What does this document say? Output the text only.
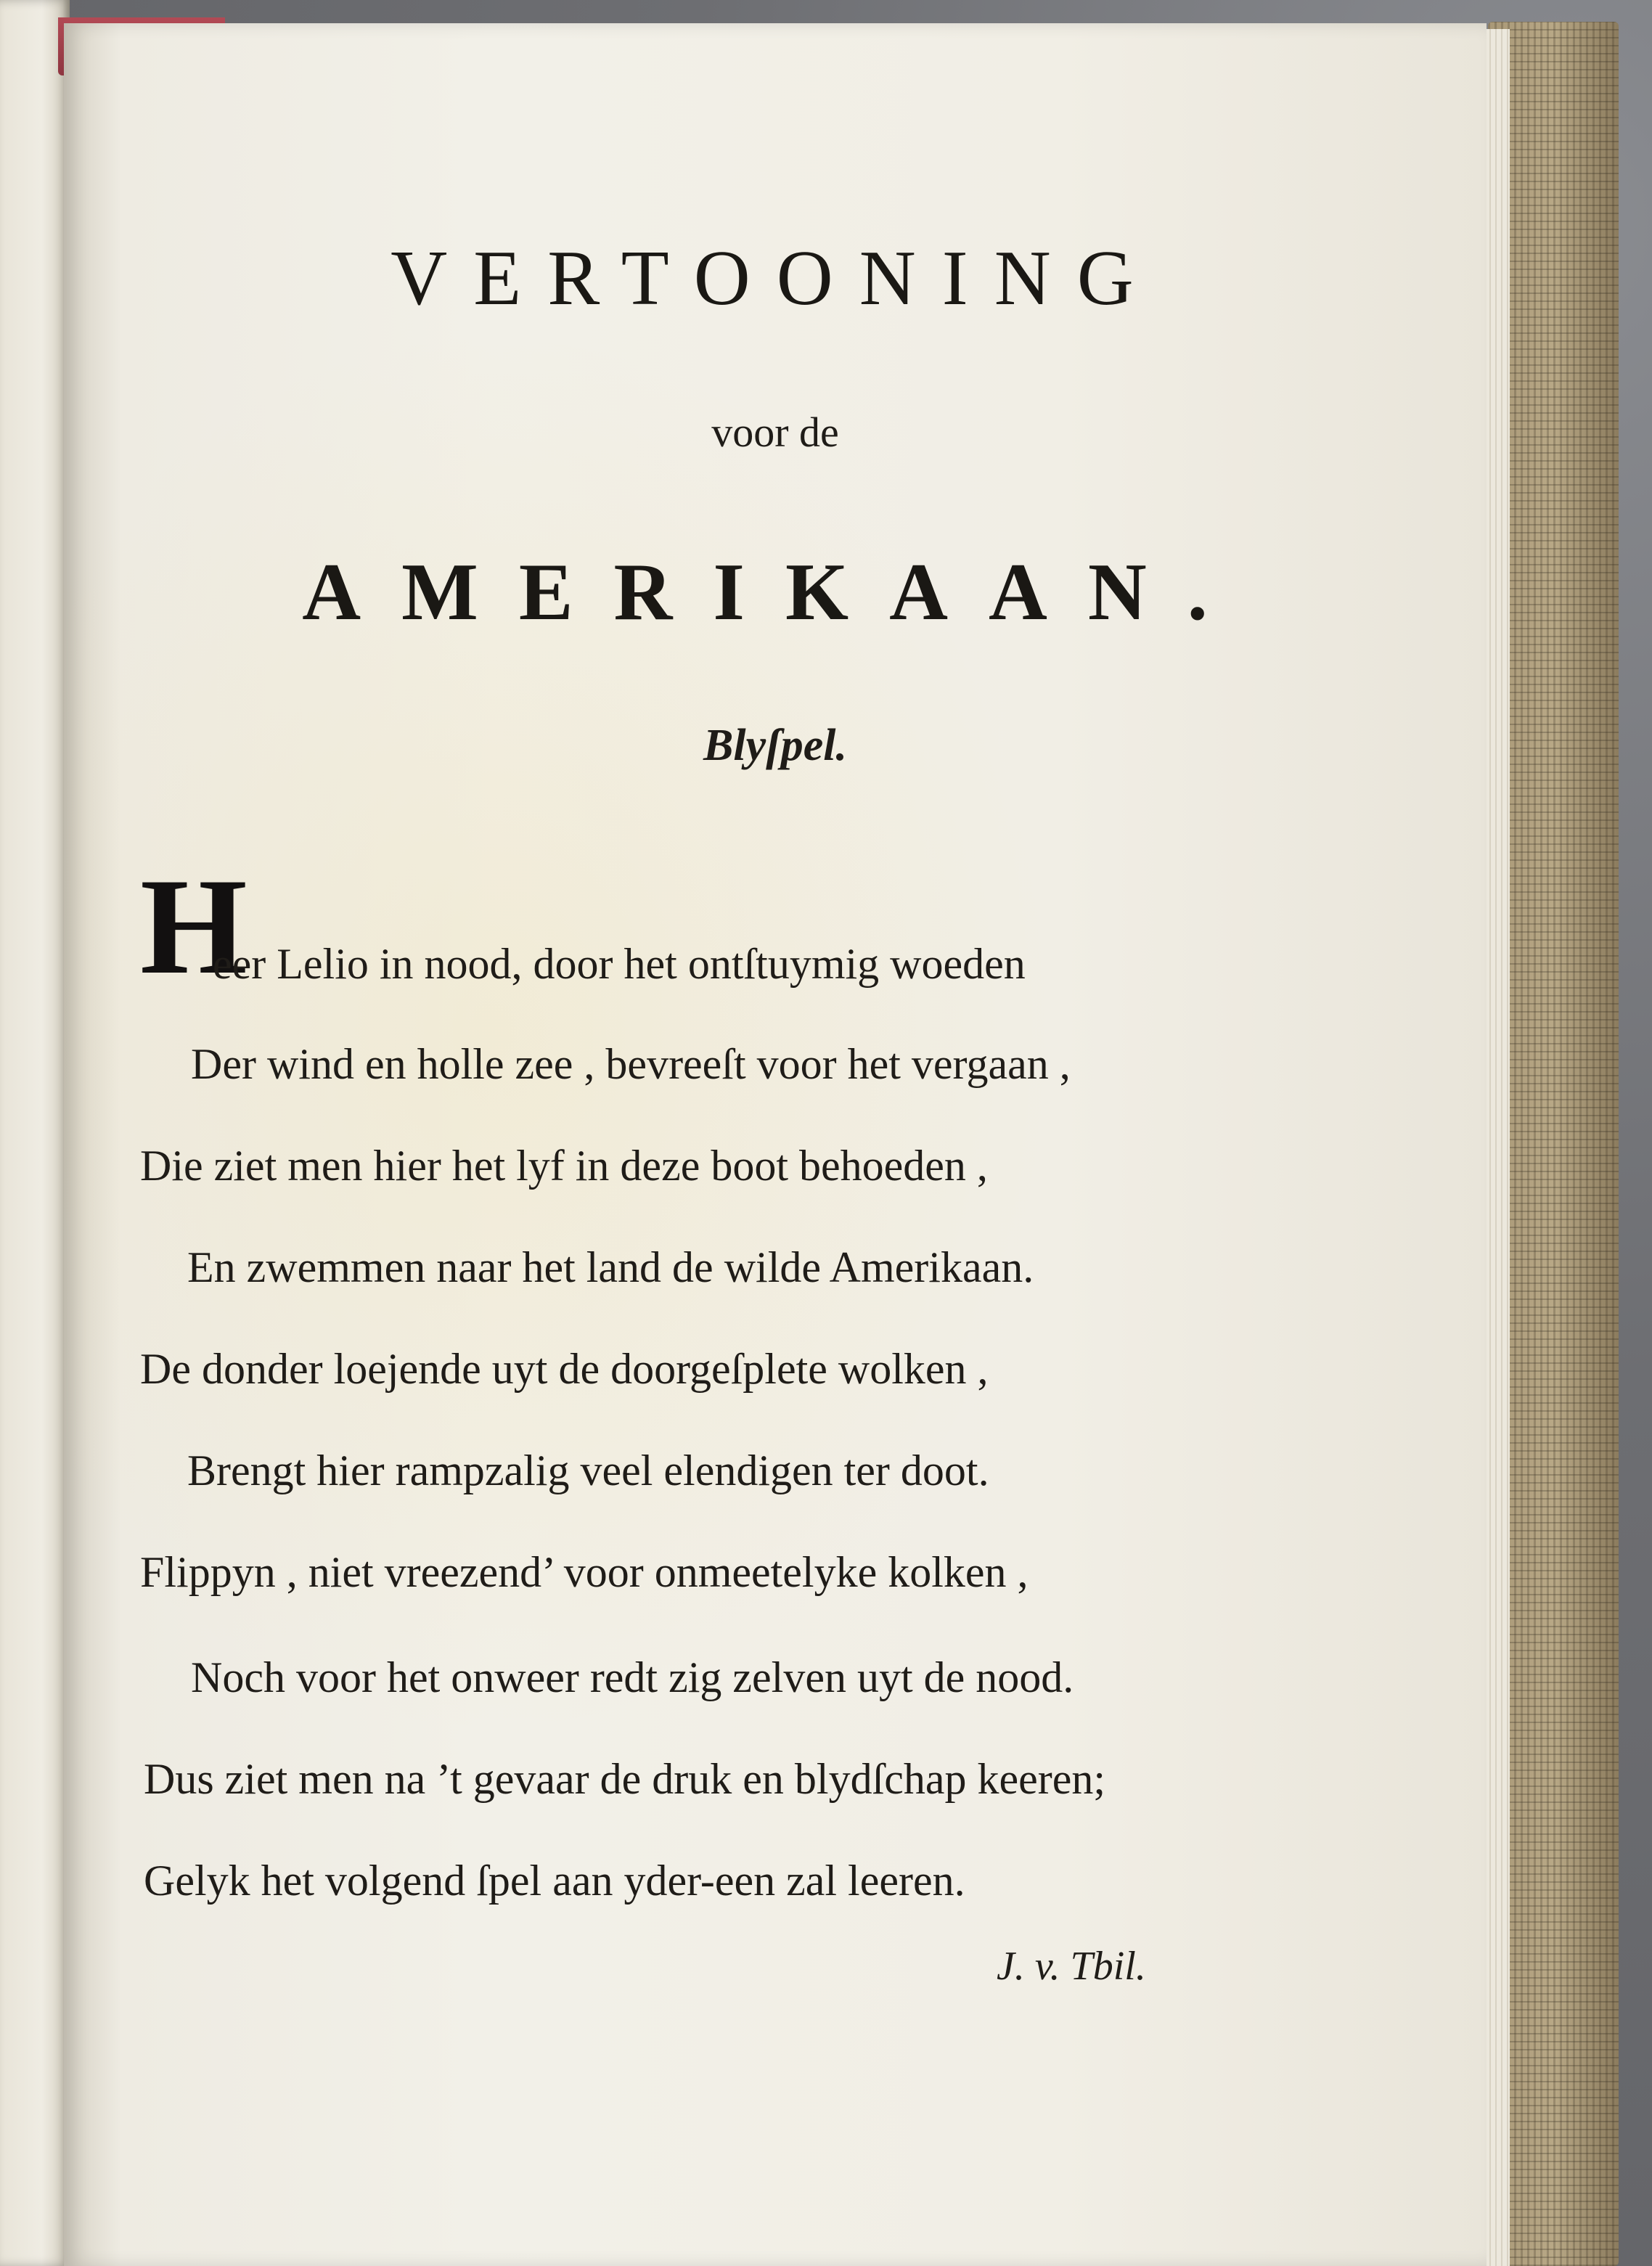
VERTOONING
voor de
AMERIKAAN.
Blyſpel.
H
eer Lelio in nood, door het ontſtuymig woeden
Der wind en holle zee , bevreeſt voor het vergaan ,
Die ziet men hier het lyf in deze boot behoeden ,
En zwemmen naar het land de wilde Amerikaan.
De donder loejende uyt de doorgeſplete wolken ,
Brengt hier rampzalig veel elendigen ter doot.
Flippyn , niet vreezend’ voor onmeetelyke kolken ,
Noch voor het onweer redt zig zelven uyt de nood.
Dus ziet men na ’t gevaar de druk en blydſchap keeren;
Gelyk het volgend ſpel aan yder-een zal leeren.
J. v. Tbil.
